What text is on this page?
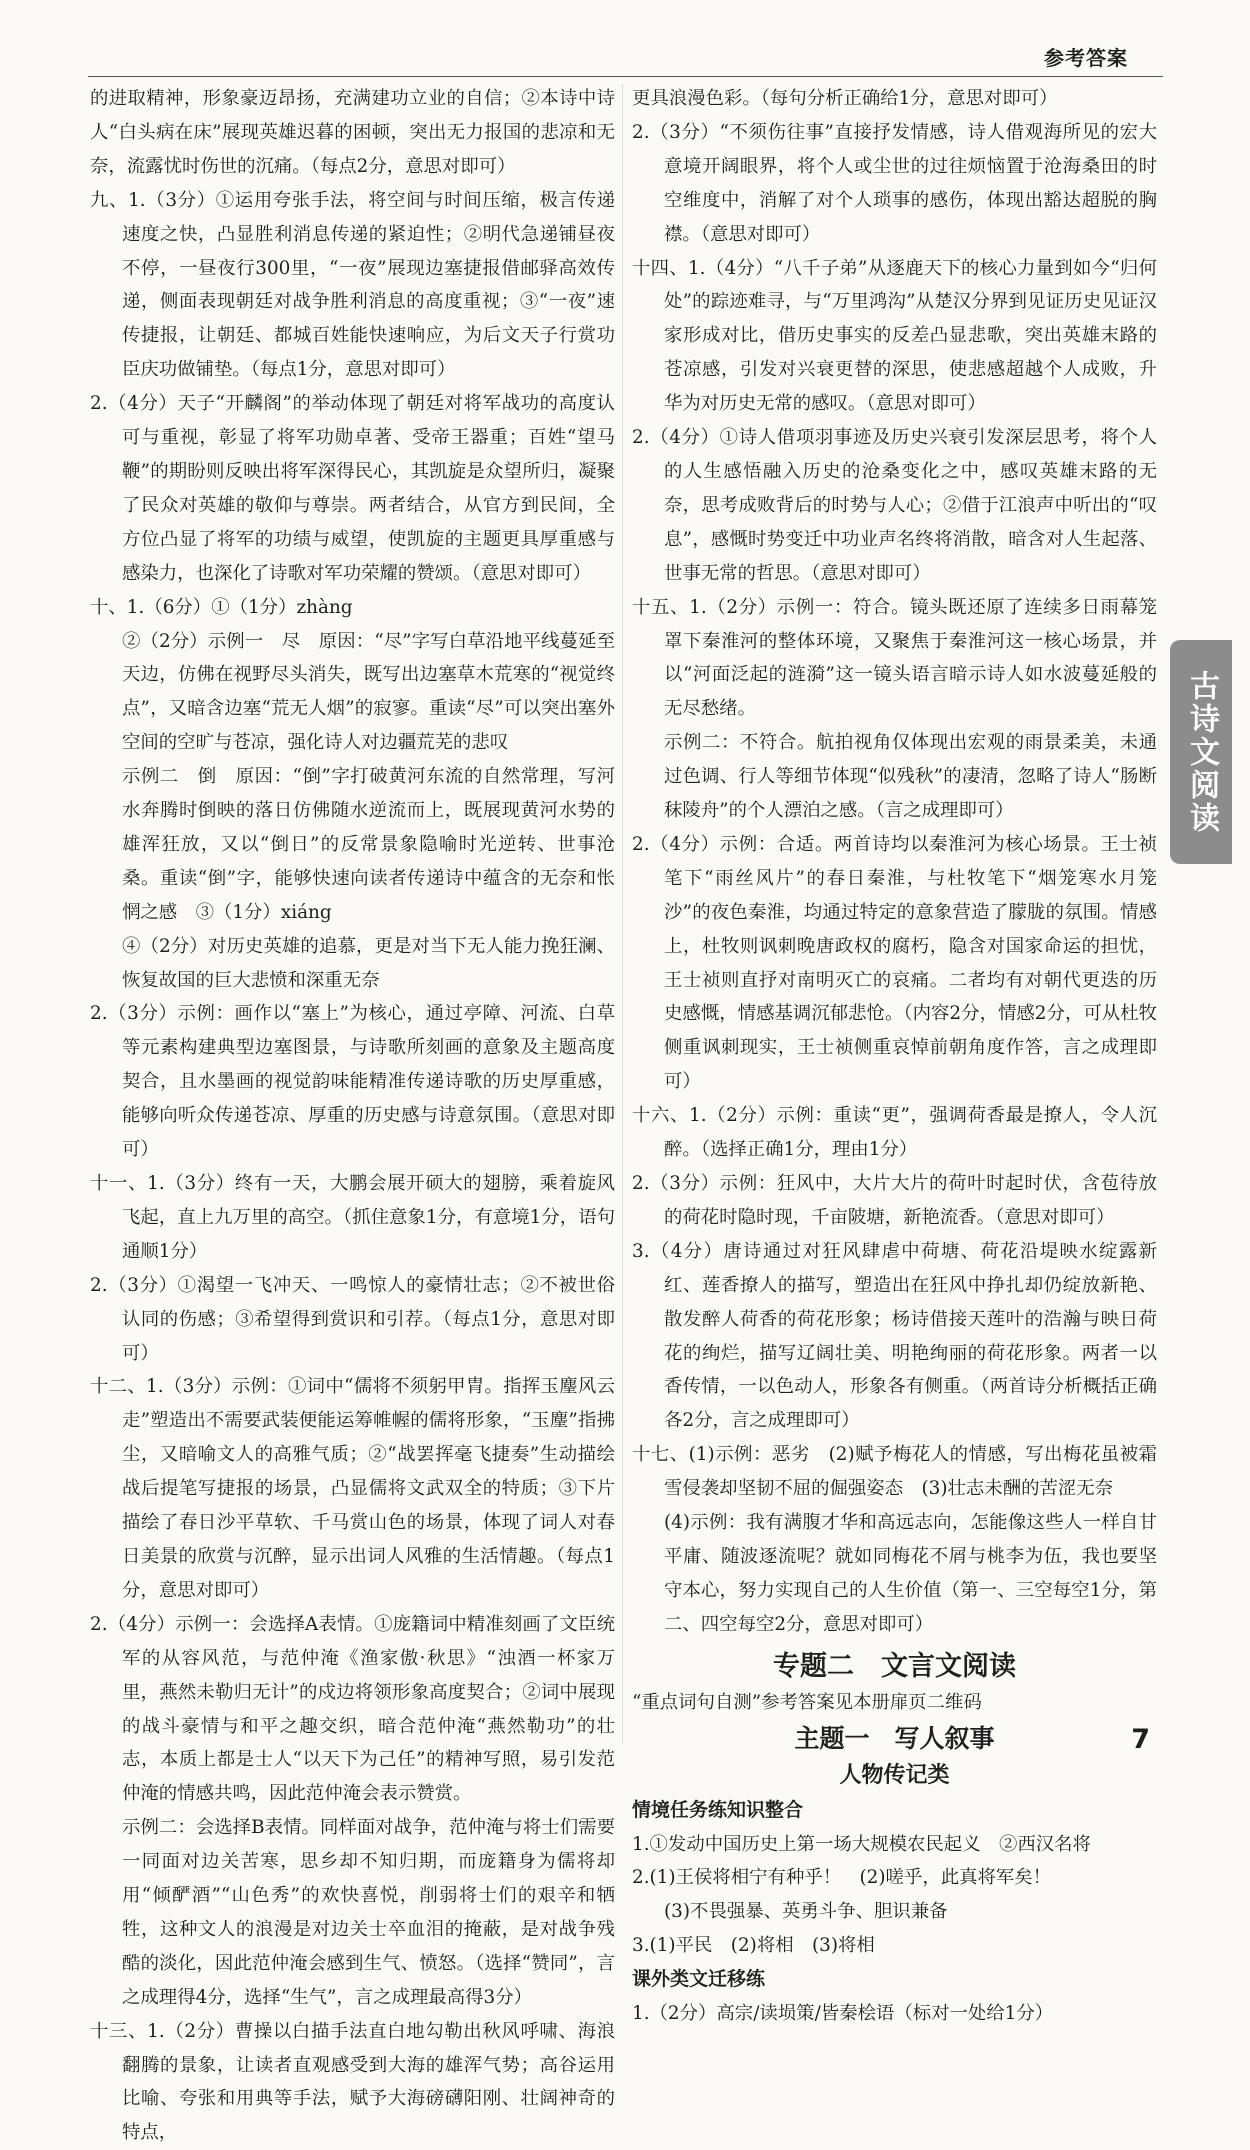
参考答案

的进取精神，形象豪迈昂扬，充满建功立业的自信；②本诗中诗人“白头病在床”展现英雄迟暮的困顿，突出无力报国的悲凉和无奈，流露忧时伤世的沉痛。（每点2分，意思对即可）

九、1.（3分）①运用夸张手法，将空间与时间压缩，极言传递速度之快，凸显胜利消息传递的紧迫性；②明代急递铺昼夜不停，一昼夜行300里，“一夜”展现边塞捷报借邮驿高效传递，侧面表现朝廷对战争胜利消息的高度重视；③“一夜”速传捷报，让朝廷、都城百姓能快速响应，为后文天子行赏功臣庆功做铺垫。（每点1分，意思对即可）

2.（4分）天子“开麟阁”的举动体现了朝廷对将军战功的高度认可与重视，彰显了将军功勋卓著、受帝王器重；百姓“望马鞭”的期盼则反映出将军深得民心，其凯旋是众望所归，凝聚了民众对英雄的敬仰与尊崇。两者结合，从官方到民间，全方位凸显了将军的功绩与威望，使凯旋的主题更具厚重感与感染力，也深化了诗歌对军功荣耀的赞颂。（意思对即可）

十、1.（6分）①（1分）zhàng

②（2分）示例一　尽　原因：“尽”字写白草沿地平线蔓延至天边，仿佛在视野尽头消失，既写出边塞草木荒寒的“视觉终点”，又暗含边塞“荒无人烟”的寂寥。重读“尽”可以突出塞外空间的空旷与苍凉，强化诗人对边疆荒芜的悲叹

示例二　倒　原因：“倒”字打破黄河东流的自然常理，写河水奔腾时倒映的落日仿佛随水逆流而上，既展现黄河水势的雄浑狂放，又以“倒日”的反常景象隐喻时光逆转、世事沧桑。重读“倒”字，能够快速向读者传递诗中蕴含的无奈和怅惘之感　③（1分）xiáng

④（2分）对历史英雄的追慕，更是对当下无人能力挽狂澜、恢复故国的巨大悲愤和深重无奈

2.（3分）示例：画作以“塞上”为核心，通过亭障、河流、白草等元素构建典型边塞图景，与诗歌所刻画的意象及主题高度契合，且水墨画的视觉韵味能精准传递诗歌的历史厚重感，能够向听众传递苍凉、厚重的历史感与诗意氛围。（意思对即可）

十一、1.（3分）终有一天，大鹏会展开硕大的翅膀，乘着旋风飞起，直上九万里的高空。（抓住意象1分，有意境1分，语句通顺1分）

2.（3分）①渴望一飞冲天、一鸣惊人的豪情壮志；②不被世俗认同的伤感；③希望得到赏识和引荐。（每点1分，意思对即可）

十二、1.（3分）示例：①词中“儒将不须躬甲胄。指挥玉麈风云走”塑造出不需要武装便能运筹帷幄的儒将形象，“玉麈”指拂尘，又暗喻文人的高雅气质；②“战罢挥毫飞捷奏”生动描绘战后提笔写捷报的场景，凸显儒将文武双全的特质；③下片描绘了春日沙平草软、千马赏山色的场景，体现了词人对春日美景的欣赏与沉醉，显示出词人风雅的生活情趣。（每点1分，意思对即可）

2.（4分）示例一：会选择A表情。①庞籍词中精准刻画了文臣统军的从容风范，与范仲淹《渔家傲·秋思》“浊酒一杯家万里，燕然未勒归无计”的戍边将领形象高度契合；②词中展现的战斗豪情与和平之趣交织，暗合范仲淹“燕然勒功”的壮志，本质上都是士人“以天下为己任”的精神写照，易引发范仲淹的情感共鸣，因此范仲淹会表示赞赏。

示例二：会选择B表情。同样面对战争，范仲淹与将士们需要一同面对边关苦寒，思乡却不知归期，而庞籍身为儒将却用“倾酽酒”“山色秀”的欢快喜悦，削弱将士们的艰辛和牺牲，这种文人的浪漫是对边关士卒血泪的掩蔽，是对战争残酷的淡化，因此范仲淹会感到生气、愤怒。（选择“赞同”，言之成理得4分，选择“生气”，言之成理最高得3分）

十三、1.（2分）曹操以白描手法直白地勾勒出秋风呼啸、海浪翻腾的景象，让读者直观感受到大海的雄浑气势；高谷运用比喻、夸张和用典等手法，赋予大海磅礴阳刚、壮阔神奇的特点，

更具浪漫色彩。（每句分析正确给1分，意思对即可）

2.（3分）“不须伤往事”直接抒发情感，诗人借观海所见的宏大意境开阔眼界，将个人或尘世的过往烦恼置于沧海桑田的时空维度中，消解了对个人琐事的感伤，体现出豁达超脱的胸襟。（意思对即可）

十四、1.（4分）“八千子弟”从逐鹿天下的核心力量到如今“归何处”的踪迹难寻，与“万里鸿沟”从楚汉分界到见证历史见证汉家形成对比，借历史事实的反差凸显悲歌，突出英雄末路的苍凉感，引发对兴衰更替的深思，使悲感超越个人成败，升华为对历史无常的感叹。（意思对即可）

2.（4分）①诗人借项羽事迹及历史兴衰引发深层思考，将个人的人生感悟融入历史的沧桑变化之中，感叹英雄末路的无奈，思考成败背后的时势与人心；②借于江浪声中听出的“叹息”，感慨时势变迁中功业声名终将消散，暗含对人生起落、世事无常的哲思。（意思对即可）

十五、1.（2分）示例一：符合。镜头既还原了连续多日雨幕笼罩下秦淮河的整体环境，又聚焦于秦淮河这一核心场景，并以“河面泛起的涟漪”这一镜头语言暗示诗人如水波蔓延般的无尽愁绪。

示例二：不符合。航拍视角仅体现出宏观的雨景柔美，未通过色调、行人等细节体现“似残秋”的凄清，忽略了诗人“肠断秣陵舟”的个人漂泊之感。（言之成理即可）

2.（4分）示例：合适。两首诗均以秦淮河为核心场景。王士祯笔下“雨丝风片”的春日秦淮，与杜牧笔下“烟笼寒水月笼沙”的夜色秦淮，均通过特定的意象营造了朦胧的氛围。情感上，杜牧则讽刺晚唐政权的腐朽，隐含对国家命运的担忧，王士祯则直抒对南明灭亡的哀痛。二者均有对朝代更迭的历史感慨，情感基调沉郁悲怆。（内容2分，情感2分，可从杜牧侧重讽刺现实，王士祯侧重哀悼前朝角度作答，言之成理即可）

十六、1.（2分）示例：重读“更”，强调荷香最是撩人，令人沉醉。（选择正确1分，理由1分）

2.（3分）示例：狂风中，大片大片的荷叶时起时伏，含苞待放的荷花时隐时现，千亩陂塘，新艳流香。（意思对即可）

3.（4分）唐诗通过对狂风肆虐中荷塘、荷花沿堤映水绽露新红、莲香撩人的描写，塑造出在狂风中挣扎却仍绽放新艳、散发醉人荷香的荷花形象；杨诗借接天莲叶的浩瀚与映日荷花的绚烂，描写辽阔壮美、明艳绚丽的荷花形象。两者一以香传情，一以色动人，形象各有侧重。（两首诗分析概括正确各2分，言之成理即可）

十七、(1)示例：恶劣　(2)赋予梅花人的情感，写出梅花虽被霜雪侵袭却坚韧不屈的倔强姿态　(3)壮志未酬的苦涩无奈

(4)示例：我有满腹才华和高远志向，怎能像这些人一样自甘平庸、随波逐流呢？就如同梅花不屑与桃李为伍，我也要坚守本心，努力实现自己的人生价值（第一、三空每空1分，第二、四空每空2分，意思对即可）

专题二　文言文阅读

“重点词句自测”参考答案见本册扉页二维码

主题一　写人叙事

人物传记类

情境任务练知识整合

1.①发动中国历史上第一场大规模农民起义　②西汉名将

2.(1)王侯将相宁有种乎！　(2)嗟乎，此真将军矣！

(3)不畏强暴、英勇斗争、胆识兼备

3.(1)平民　(2)将相　(3)将相

课外类文迁移练

1.（2分）高宗/读埙策/皆秦桧语（标对一处给1分）

古诗文阅读
7
